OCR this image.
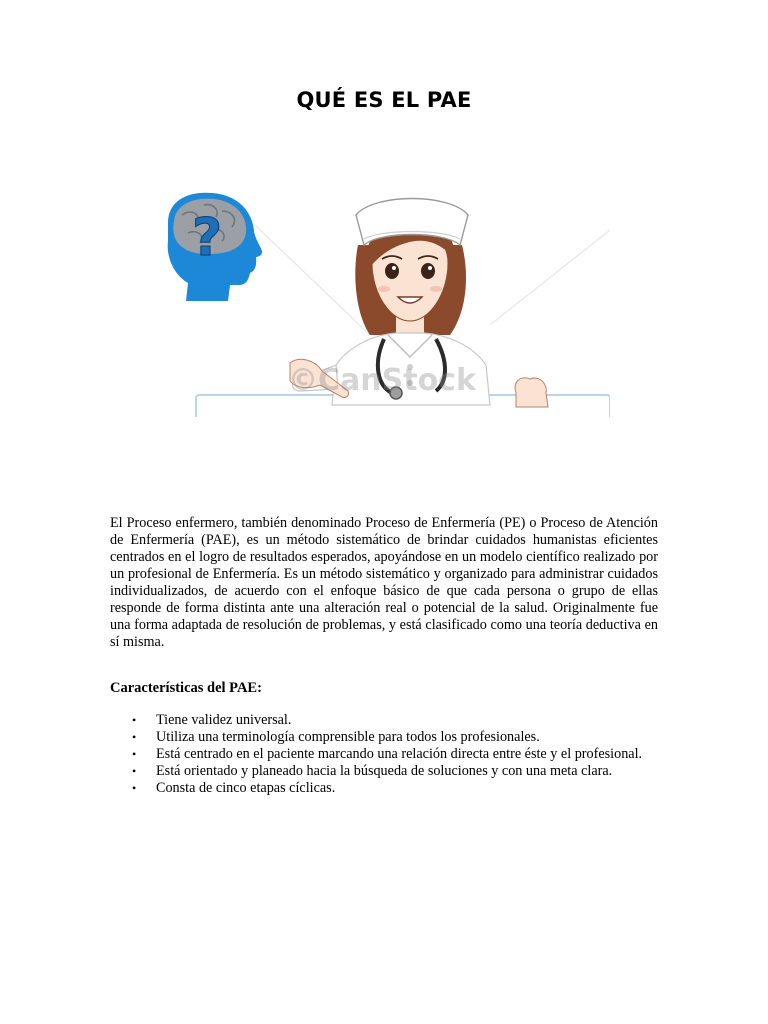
QUÉ ES EL PAE
?
©CanStock

El Proceso enfermero, también denominado Proceso de Enfermería (PE) o Proceso de Atención de Enfermería (PAE), es un método sistemático de brindar cuidados humanistas eficientes centrados en el logro de resultados esperados, apoyándose en un modelo científico realizado por un profesional de Enfermería. Es un método sistemático y organizado para administrar cuidados individualizados, de acuerdo con el enfoque básico de que cada persona o grupo de ellas responde de forma distinta ante una alteración real o potencial de la salud. Originalmente fue una forma adaptada de resolución de problemas, y está clasificado como una teoría deductiva en sí misma.

Características del PAE:

• Tiene validez universal.
• Utiliza una terminología comprensible para todos los profesionales.
• Está centrado en el paciente marcando una relación directa entre éste y el profesional.
• Está orientado y planeado hacia la búsqueda de soluciones y con una meta clara.
• Consta de cinco etapas cíclicas.
